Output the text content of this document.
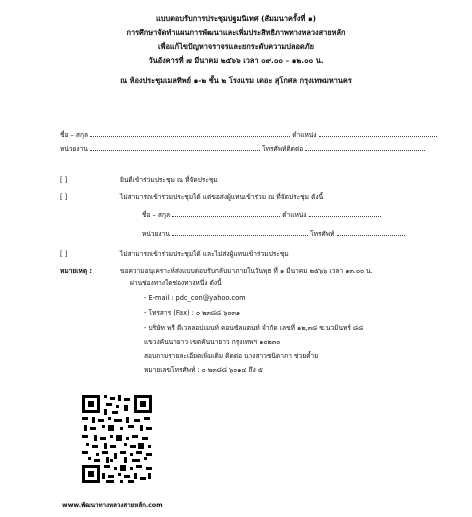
แบบตอบรับการประชุมปฐมนิเทศ (สัมมนาครั้งที่ ๑)
การศึกษาจัดทำแผนการพัฒนาและเพิ่มประสิทธิภาพทางหลวงสายหลัก
เพื่อแก้ไขปัญหาจราจรและยกระดับความปลอดภัย
วันอังคารที่ ๗ มีนาคม ๒๕๖๖ เวลา ๐๙.๐๐ – ๑๒.๐๐ น.
ณ ห้องประชุมเมลทิพย์ ๑-๒ ชั้น ๒ โรงแรม เดอะ สุโกศล กรุงเทพมหานคร
ชื่อ – สกุล	ตำแหน่ง
หน่วยงาน	โทรศัพท์ติดต่อ
[ ]	ยินดีเข้าร่วมประชุม ณ ที่จัดประชุม
[ ]	ไม่สามารถเข้าร่วมประชุมได้ แต่ขอส่งผู้แทนเข้าร่วม ณ ที่จัดประชุม ดังนี้
ชื่อ – สกุล	ตำแหน่ง
หน่วยงาน	โทรศัพท์
[ ]	ไม่สามารถเข้าร่วมประชุมได้ และไม่ส่งผู้แทนเข้าร่วมประชุม
หมายเหตุ :	ขอความอนุเคราะห์ส่งแบบตอบรับกลับมาภายในวันพุธ ที่ ๑ มีนาคม ๒๕๖๖ เวลา ๑๓.๐๐ น.
ผ่านช่องทางใดช่องทางหนึ่ง ดังนี้
- E-mail : pdc_con@yahoo.com
- โทรสาร (Fax) : ๐ ๒๓๘๘ ๖๐๓๑
- บริษัท พรี ดีเวลลอปเมนท์ คอนซัลแตนท์ จำกัด เลขที่ ๑๒,๓๘ ซ.นวมินทร์ ๘๘
แขวงคันนายาว เขตคันนายาว กรุงเทพฯ ๑๐๒๓๐
สอบถามรายละเอียดเพิ่มเติม ติดต่อ นางสาวชนิดาภา ช่วยค้ำย
หมายเลขโทรศัพท์ : ๐ ๒๓๘๘ ๖๐๑๔ ถึง ๕
www.พัฒนาทางหลวงสายหลัก.com
